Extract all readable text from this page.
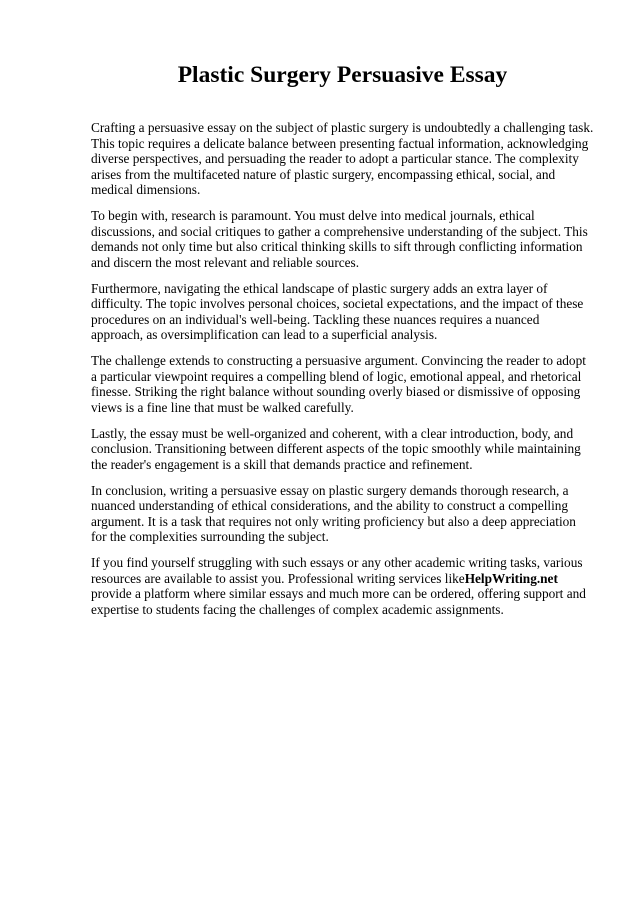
Plastic Surgery Persuasive Essay

Crafting a persuasive essay on the subject of plastic surgery is undoubtedly a challenging task. This topic requires a delicate balance between presenting factual information, acknowledging diverse perspectives, and persuading the reader to adopt a particular stance. The complexity arises from the multifaceted nature of plastic surgery, encompassing ethical, social, and medical dimensions.

To begin with, research is paramount. You must delve into medical journals, ethical discussions, and social critiques to gather a comprehensive understanding of the subject. This demands not only time but also critical thinking skills to sift through conflicting information and discern the most relevant and reliable sources.

Furthermore, navigating the ethical landscape of plastic surgery adds an extra layer of difficulty. The topic involves personal choices, societal expectations, and the impact of these procedures on an individual's well-being. Tackling these nuances requires a nuanced approach, as oversimplification can lead to a superficial analysis.

The challenge extends to constructing a persuasive argument. Convincing the reader to adopt a particular viewpoint requires a compelling blend of logic, emotional appeal, and rhetorical finesse. Striking the right balance without sounding overly biased or dismissive of opposing views is a fine line that must be walked carefully.

Lastly, the essay must be well-organized and coherent, with a clear introduction, body, and conclusion. Transitioning between different aspects of the topic smoothly while maintaining the reader's engagement is a skill that demands practice and refinement.

In conclusion, writing a persuasive essay on plastic surgery demands thorough research, a nuanced understanding of ethical considerations, and the ability to construct a compelling argument. It is a task that requires not only writing proficiency but also a deep appreciation for the complexities surrounding the subject.

If you find yourself struggling with such essays or any other academic writing tasks, various resources are available to assist you. Professional writing services likeHelpWriting.net provide a platform where similar essays and much more can be ordered, offering support and expertise to students facing the challenges of complex academic assignments.
